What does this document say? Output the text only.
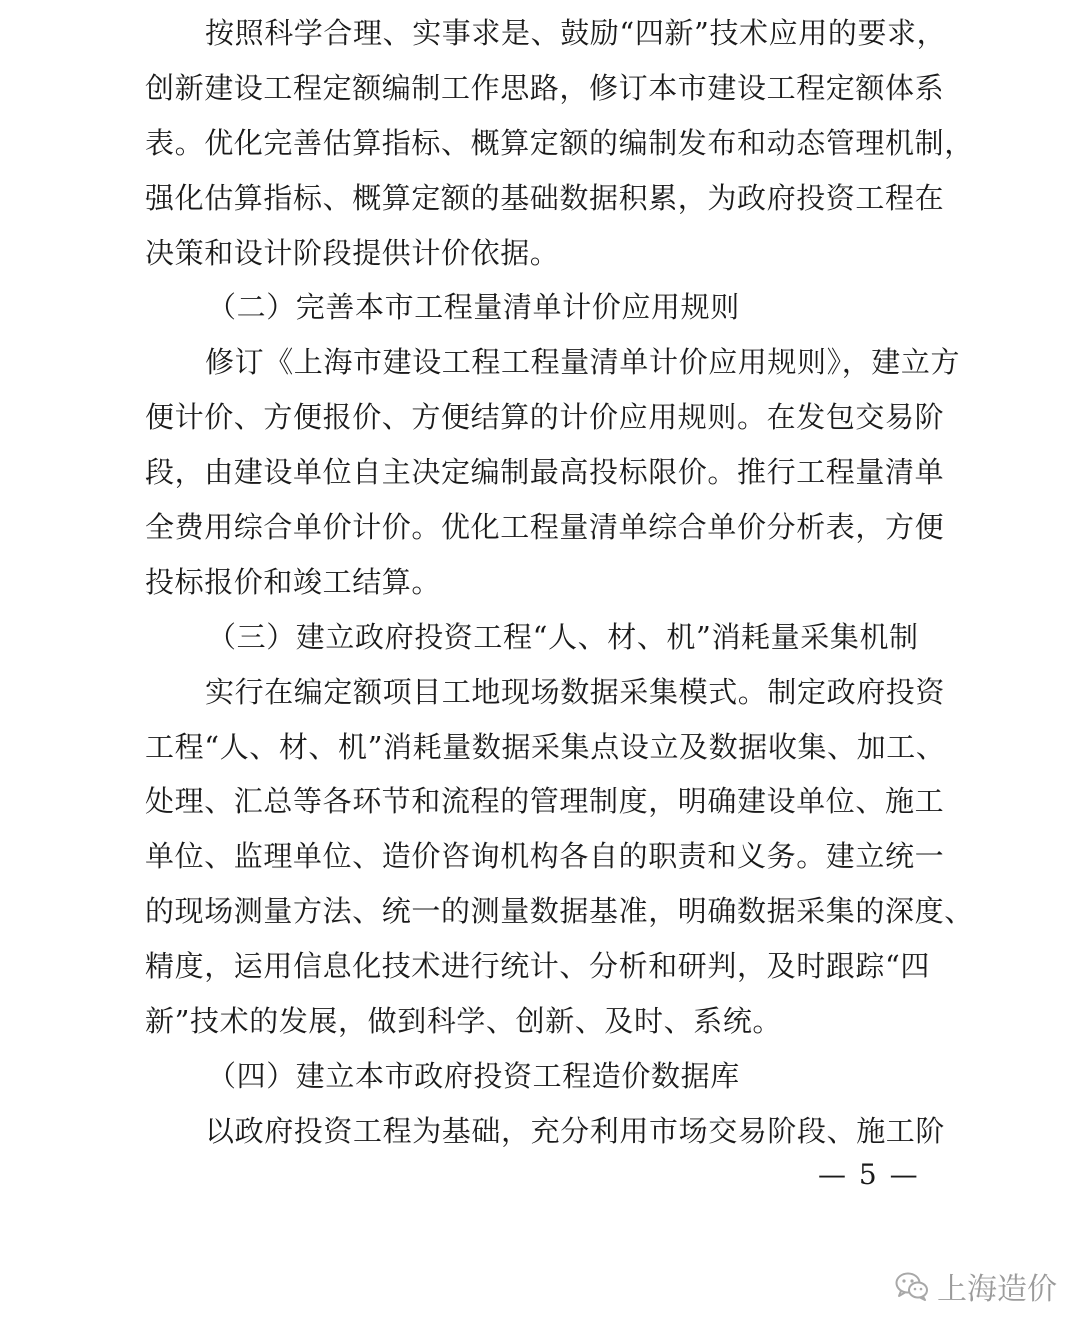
按照科学合理、实事求是、鼓励“四新”技术应用的要求，
创新建设工程定额编制工作思路，修订本市建设工程定额体系
表。优化完善估算指标、概算定额的编制发布和动态管理机制，
强化估算指标、概算定额的基础数据积累，为政府投资工程在
决策和设计阶段提供计价依据。
（二）完善本市工程量清单计价应用规则
修订《上海市建设工程工程量清单计价应用规则》，建立方
便计价、方便报价、方便结算的计价应用规则。在发包交易阶
段，由建设单位自主决定编制最高投标限价。推行工程量清单
全费用综合单价计价。优化工程量清单综合单价分析表，方便
投标报价和竣工结算。
（三）建立政府投资工程“人、材、机”消耗量采集机制
实行在编定额项目工地现场数据采集模式。制定政府投资
工程“人、材、机”消耗量数据采集点设立及数据收集、加工、
处理、汇总等各环节和流程的管理制度，明确建设单位、施工
单位、监理单位、造价咨询机构各自的职责和义务。建立统一
的现场测量方法、统一的测量数据基准，明确数据采集的深度、
精度，运用信息化技术进行统计、分析和研判，及时跟踪“四
新”技术的发展，做到科学、创新、及时、系统。
（四）建立本市政府投资工程造价数据库
以政府投资工程为基础，充分利用市场交易阶段、施工阶
— 5 —
上海造价
